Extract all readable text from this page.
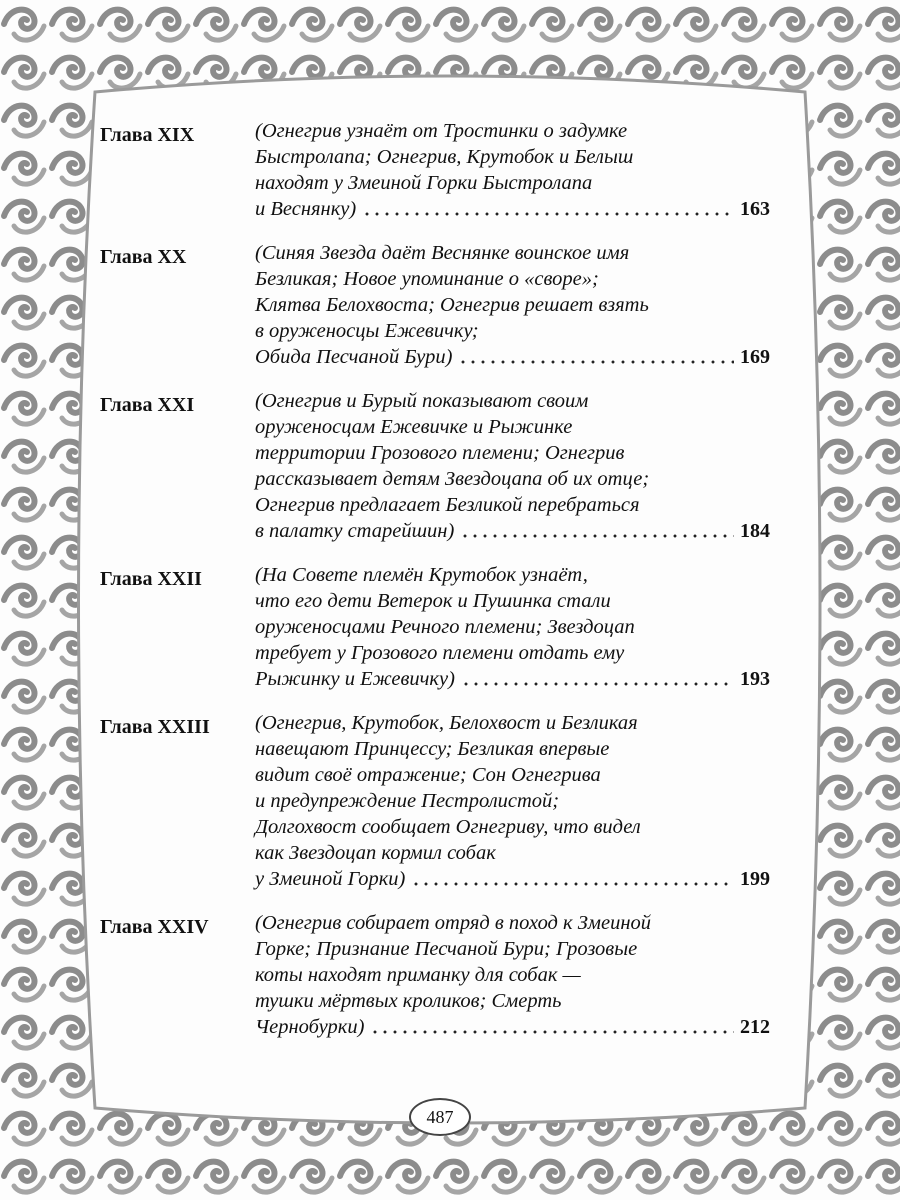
Глава XIX	(Огнегрив узнаёт от Тростинки о задумке
Быстролапа; Огнегрив, Крутобок и Белыш
находят у Змеиной Горки Быстролапа
и Веснянку)	163
Глава XX	(Синяя Звезда даёт Веснянке воинское имя
Безликая; Новое упоминание о «своре»;
Клятва Белохвоста; Огнегрив решает взять
в оруженосцы Ежевичку;
Обида Песчаной Бури)	169
Глава XXI	(Огнегрив и Бурый показывают своим
оруженосцам Ежевичке и Рыжинке
территории Грозового племени; Огнегрив
рассказывает детям Звездоцапа об их отце;
Огнегрив предлагает Безликой перебраться
в палатку старейшин)	184
Глава XXII	(На Совете племён Крутобок узнаёт,
что его дети Ветерок и Пушинка стали
оруженосцами Речного племени; Звездоцап
требует у Грозового племени отдать ему
Рыжинку и Ежевичку)	193
Глава XXIII	(Огнегрив, Крутобок, Белохвост и Безликая
навещают Принцессу; Безликая впервые
видит своё отражение; Сон Огнегрива
и предупреждение Пестролистой;
Долгохвост сообщает Огнегриву, что видел
как Звездоцап кормил собак
у Змеиной Горки)	199
Глава XXIV	(Огнегрив собирает отряд в поход к Змеиной
Горке; Признание Песчаной Бури; Грозовые
коты находят приманку для собак —
тушки мёртвых кроликов; Смерть
Чернобурки)	212
487
